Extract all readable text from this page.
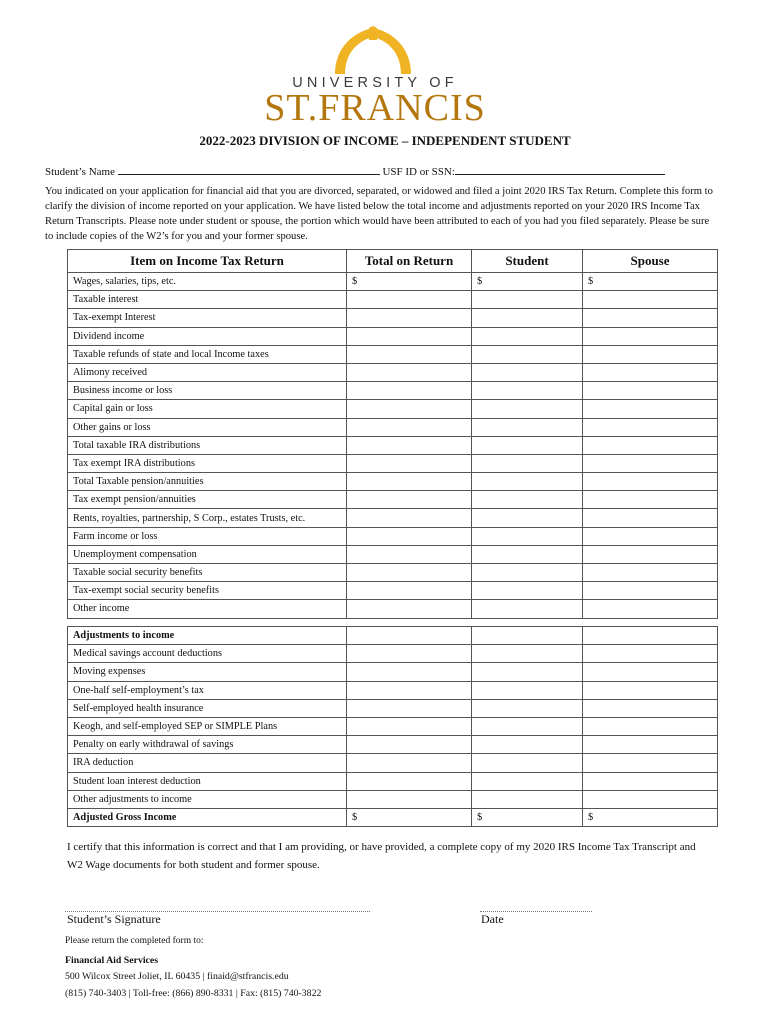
UNIVERSITY OF
ST.FRANCIS
2022-2023 DIVISION OF INCOME – INDEPENDENT STUDENT
Student’s Name	USF ID or SSN:
You indicated on your application for financial aid that you are divorced, separated, or widowed and filed a joint 2020 IRS Tax Return. Complete this form to clarify the division of income reported on your application. We have listed below the total income and adjustments reported on your 2020 IRS Income Tax Return Transcripts. Please note under student or spouse, the portion which would have been attributed to each of you had you filed separately. Please be sure to include copies of the W2’s for you and your former spouse.
Item on Income Tax Return	Total on Return	Student	Spouse
Wages, salaries, tips, etc.	$	$	$
Taxable interest			
Tax-exempt Interest			
Dividend income			
Taxable refunds of state and local Income taxes			
Alimony received			
Business income or loss			
Capital gain or loss			
Other gains or loss			
Total taxable IRA distributions			
Tax exempt IRA distributions			
Total Taxable pension/annuities			
Tax exempt pension/annuities			
Rents, royalties, partnership, S Corp., estates Trusts, etc.			
Farm income or loss			
Unemployment compensation			
Taxable social security benefits			
Tax-exempt social security benefits			
Other income			
Adjustments to income			
Medical savings account deductions			
Moving expenses			
One-half self-employment’s tax			
Self-employed health insurance			
Keogh, and self-employed SEP or SIMPLE Plans			
Penalty on early withdrawal of savings			
IRA deduction			
Student loan interest deduction			
Other adjustments to income			
Adjusted Gross Income	$	$	$
I certify that this information is correct and that I am providing, or have provided, a complete copy of my 2020 IRS Income Tax Transcript and W2 Wage documents for both student and former spouse.
Student’s Signature	Date
Please return the completed form to:
Financial Aid Services
500 Wilcox Street Joliet, IL 60435 | finaid@stfrancis.edu
(815) 740-3403 | Toll-free: (866) 890-8331 | Fax: (815) 740-3822
